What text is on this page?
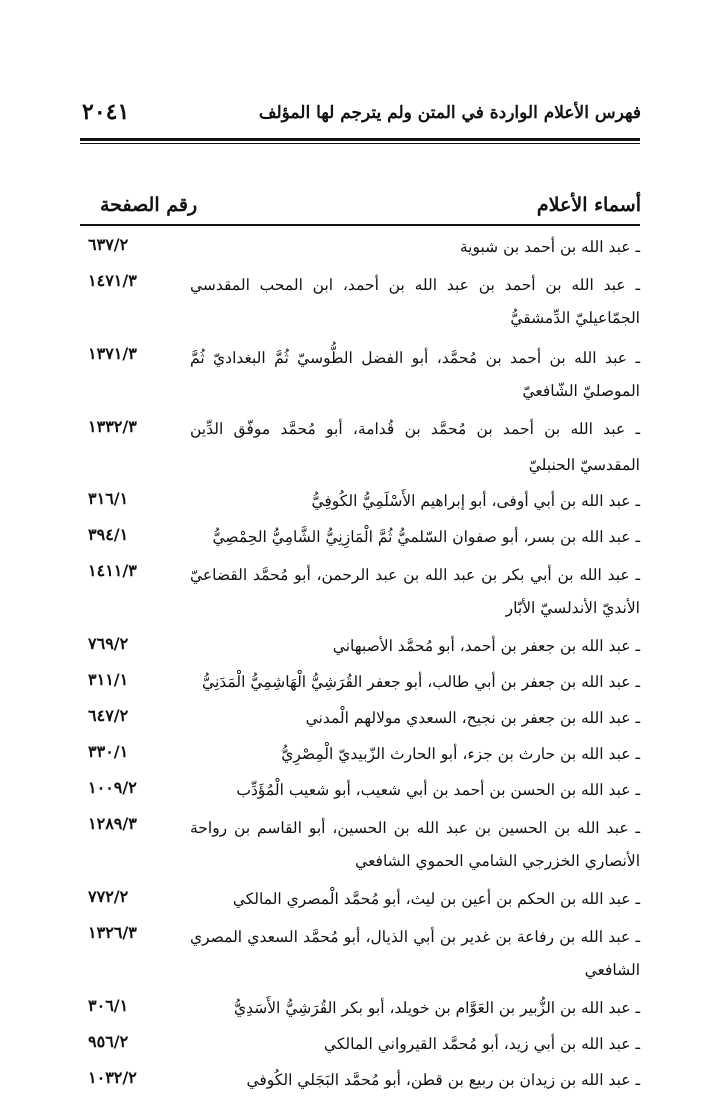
فهرس الأعلام الواردة في المتن ولم يترجم لها المؤلف
٢٠٤١
أسماء الأعلام
رقم الصفحة
ـ عبد الله بن أحمد بن شبوية
٦٣٧/٢
ـ عبد الله بن أحمد بن عبد الله بن أحمد، ابن المحب المقدسي الجمّاعيليّ الدِّمشقيُّ
١٤٧١/٣
ـ عبد الله بن أحمد بن مُحمَّد، أبو الفضل الطُّوسيّ ثُمَّ البغداديّ ثُمَّ الموصليّ الشّافعيّ
١٣٧١/٣
ـ عبد الله بن أحمد بن مُحمَّد بن قُدامة، أبو مُحمَّد موفّق الدِّين المقدسيّ الحنبليّ
١٣٣٢/٣
ـ عبد الله بن أبي أوفى، أبو إبراهيم الأَسْلَمِيُّ الكُوفِيُّ
٣١٦/١
ـ عبد الله بن بسر، أبو صفوان السّلميُّ ثُمَّ الْمَازِنِيُّ الشَّامِيُّ الحِمْصِيُّ
٣٩٤/١
ـ عبد الله بن أبي بكر بن عبد الله بن عبد الرحمن، أبو مُحمَّد القضاعيّ الأنديّ الأندلسيّ الأبّار
١٤١١/٣
ـ عبد الله بن جعفر بن أحمد، أبو مُحمَّد الأصبهاني
٧٦٩/٢
ـ عبد الله بن جعفر بن أبي طالب، أبو جعفر القُرَشِيُّ الْهَاشِمِيُّ الْمَدَنِيُّ
٣١١/١
ـ عبد الله بن جعفر بن نجيح، السعدي مولالهم الْمدني
٦٤٧/٢
ـ عبد الله بن حارث بن جزء، أبو الحارث الزّبيديّ الْمِصْرِيُّ
٣٣٠/١
ـ عبد الله بن الحسن بن أحمد بن أبي شعيب، أبو شعيب الْمُؤَدِّب
١٠٠٩/٢
ـ عبد الله بن الحسين بن عبد الله بن الحسين، أبو القاسم بن رواحة الأنصاري الخزرجي الشامي الحموي الشافعي
١٢٨٩/٣
ـ عبد الله بن الحكم بن أعين بن ليث، أبو مُحمَّد الْمصري المالكي
٧٧٢/٢
ـ عبد الله بن رفاعة بن غدير بن أبي الذيال، أبو مُحمَّد السعدي المصري الشافعي
١٣٢٦/٣
ـ عبد الله بن الزُّبير بن العَوَّام بن خويلد، أبو بكر القُرَشِيُّ الأَسَدِيُّ
٣٠٦/١
ـ عبد الله بن أبي زيد، أبو مُحمَّد القيرواني المالكي
٩٥٦/٢
ـ عبد الله بن زيدان بن ربيع بن قطن، أبو مُحمَّد البَجَلي الكُوفي
١٠٣٢/٢
